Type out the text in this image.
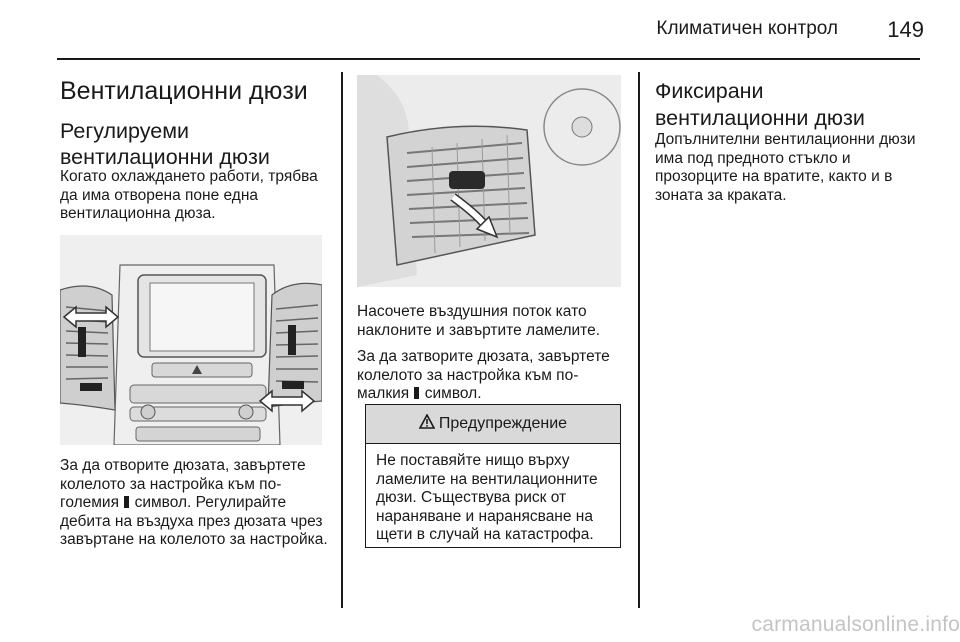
Климатичен контрол	149
Вентилационни дюзи
Регулируеми вентилационни дюзи
Когато охлаждането работи, трябва да има отворена поне една вентилационна дюза.
За да отворите дюзата, завъртете колелото за настройка към по-големия  символ. Регулирайте дебита на въздуха през дюзата чрез завъртане на колелото за настройка.
Насочете въздушния поток като наклоните и завъртите ламелите.
За да затворите дюзата, завъртете колелото за настройка към по-малкия  символ.
Предупреждение
Не поставяйте нищо върху ламелите на вентилационните дюзи. Съществува риск от нараняване и наранясване на щети в случай на катастрофа.
Фиксирани вентилационни дюзи
Допълнителни вентилационни дюзи има под предното стъкло и прозорците на вратите, както и в зоната за краката.
carmanualsonline.info
